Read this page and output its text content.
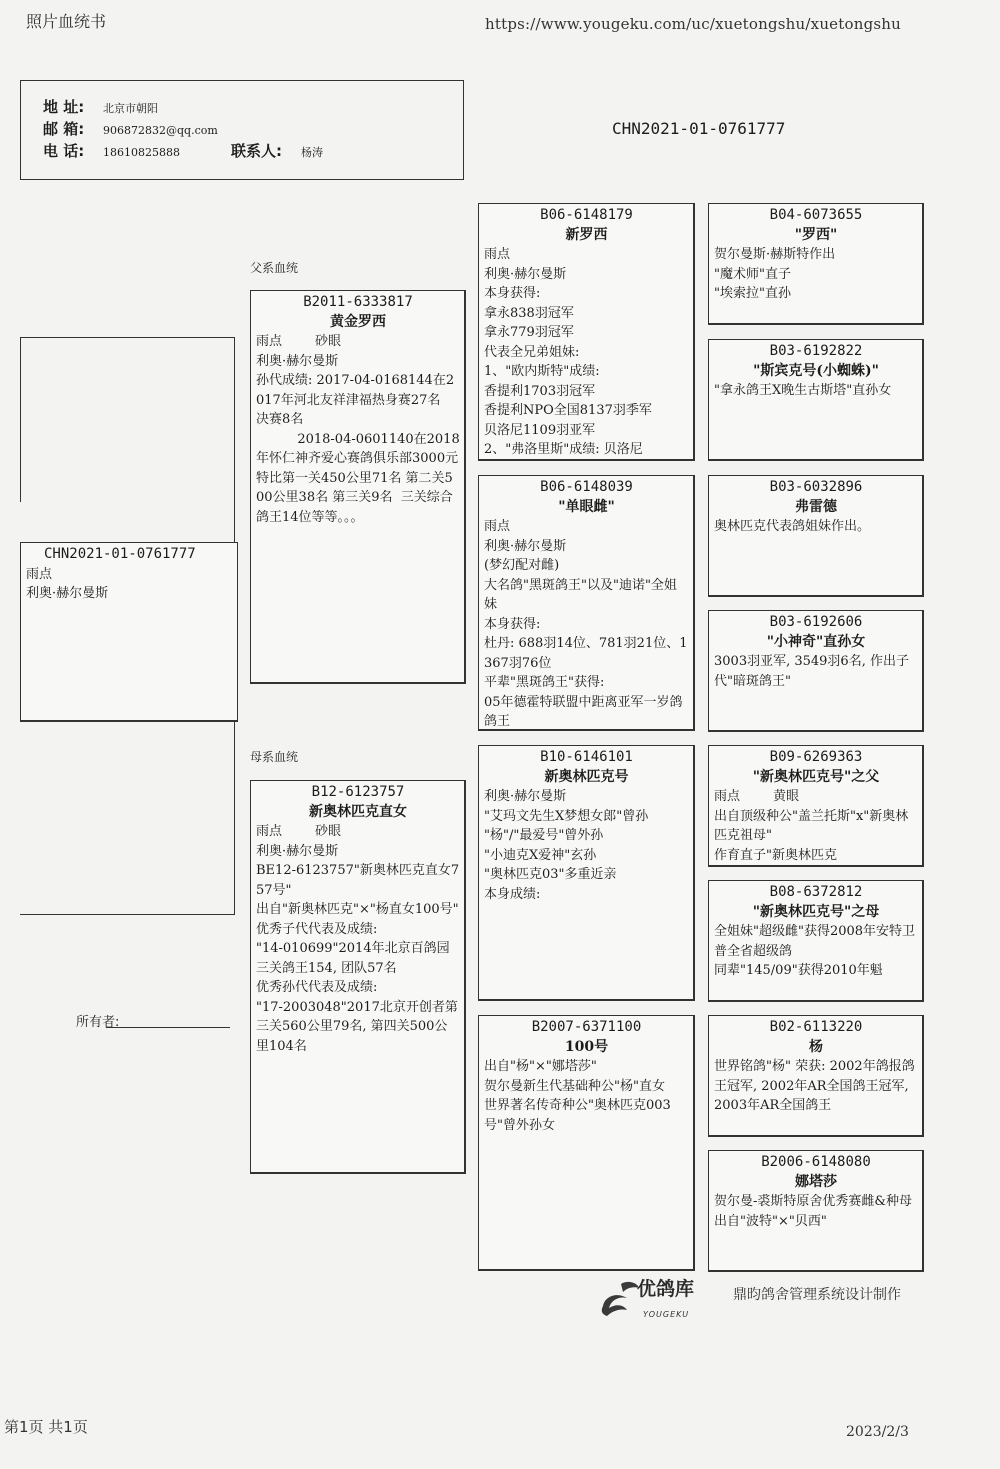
照片血统书	https://www.yougeku.com/uc/xuetongshu/xuetongshu
地 址:	北京市朝阳
邮 箱:	906872832@qq.com
电 话:	18610825888	联系人:	杨涛
CHN2021-01-0761777
父系血统
母系血统
CHN2021-01-0761777
雨点
利奥·赫尔曼斯
所有者:
B2011-6333817
黄金罗西
雨点        砂眼
利奥·赫尔曼斯
孙代成绩: 2017-04-0168144在2017年河北友祥津福热身赛27名  决赛8名
2018-04-0601140在2018年怀仁神齐爱心赛鸽俱乐部3000元特比第一关450公里71名 第二关500公里38名 第三关9名  三关综合鸽王14位等等。。。
B12-6123757
新奥林匹克直女
雨点        砂眼
利奥·赫尔曼斯
BE12-6123757"新奥林匹克直女757号"
出自"新奥林匹克"×"杨直女100号"
优秀子代代表及成绩:
"14-010699"2014年北京百鸽园三关鸽王154, 团队57名
优秀孙代代表及成绩:
"17-2003048"2017北京开创者第三关560公里79名, 第四关500公里104名
B06-6148179
新罗西
雨点
利奥·赫尔曼斯
本身获得:
拿永838羽冠军
拿永779羽冠军
代表全兄弟姐妹:
1、"欧内斯特"成绩:
香提利1703羽冠军
香提利NPO全国8137羽季军
贝洛尼1109羽亚军
2、"弗洛里斯"成绩: 贝洛尼
B06-6148039
"单眼雌"
雨点
利奥·赫尔曼斯
(梦幻配对雌)
大名鸽"黑斑鸽王"以及"迪诺"全姐妹
本身获得:
杜丹: 688羽14位、781羽21位、1367羽76位
平辈"黑斑鸽王"获得:
05年德霍特联盟中距离亚军一岁鸽鸽王
B10-6146101
新奥林匹克号
利奥·赫尔曼斯
"艾玛文先生X梦想女郎"曾孙
"杨"/"最爱号"曾外孙
"小迪克X爱神"玄孙
"奥林匹克03"多重近亲
本身成绩:
B2007-6371100
100号
出自"杨"×"娜塔莎"
贺尔曼新生代基础种公"杨"直女
世界著名传奇种公"奥林匹克003号"曾外孙女
B04-6073655
"罗西"
贺尔曼斯·赫斯特作出
"魔术师"直子
"埃索拉"直孙
B03-6192822
"斯宾克号(小蜘蛛)"
"拿永鸽王X晚生古斯塔"直孙女
B03-6032896
弗雷德
奥林匹克代表鸽姐妹作出。
B03-6192606
"小神奇"直孙女
3003羽亚军, 3549羽6名, 作出子代"暗斑鸽王"
B09-6269363
"新奥林匹克号"之父
雨点        黄眼
出自顶级种公"盖兰托斯"x"新奥林匹克祖母"
作育直子"新奥林匹克
B08-6372812
"新奥林匹克号"之母
全姐妹"超级雌"获得2008年安特卫普全省超级鸽
同辈"145/09"获得2010年魁
B02-6113220
杨
世界铭鸽"杨" 荣获: 2002年鸽报鸽王冠军, 2002年AR全国鸽王冠军, 2003年AR全国鸽王
B2006-6148080
娜塔莎
贺尔曼-裘斯特原舍优秀赛雌&种母
出自"波特"×"贝西"
优鸽库
YOUGEKU
鼎昀鸽舍管理系统设计制作
第1页 共1页	2023/2/3
